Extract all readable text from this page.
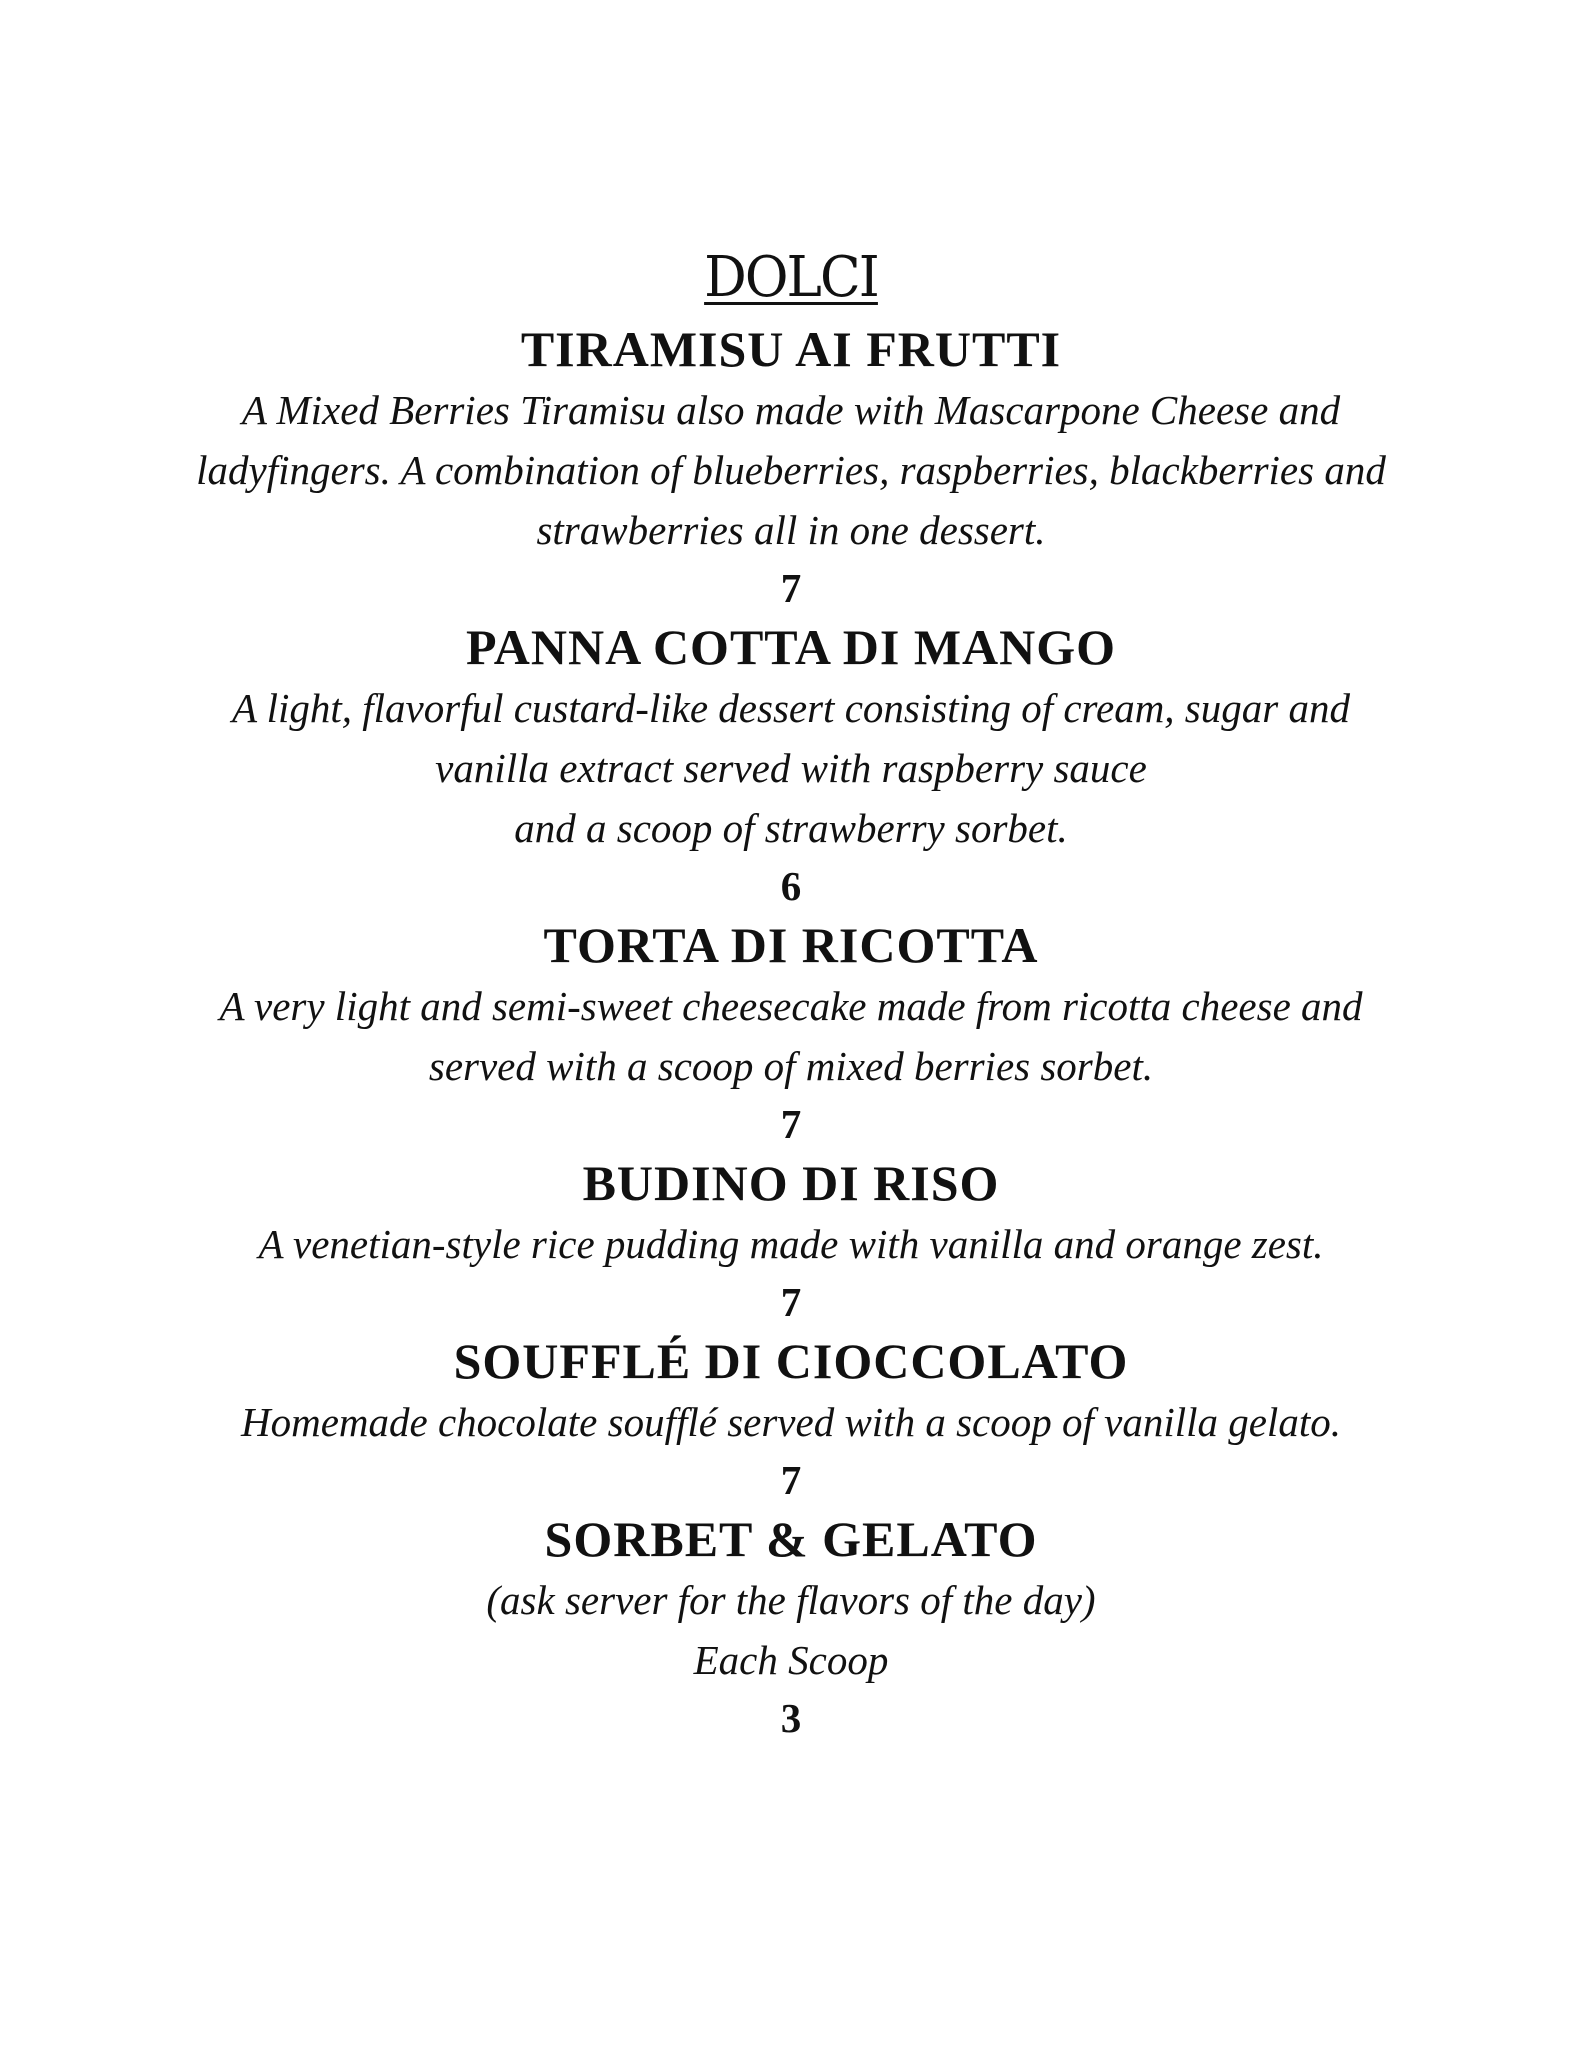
DOLCI
TIRAMISU AI FRUTTI

A Mixed Berries Tiramisu also made with Mascarpone Cheese and
ladyfingers. A combination of blueberries, raspberries, blackberries and
strawberries all in one dessert.

7

PANNA COTTA DI MANGO

A light, flavorful custard-like dessert consisting of cream, sugar and
vanilla extract served with raspberry sauce
and a scoop of strawberry sorbet.

6

TORTA DI RICOTTA

A very light and semi-sweet cheesecake made from ricotta cheese and
served with a scoop of mixed berries sorbet.

7

BUDINO DI RISO

A venetian-style rice pudding made with vanilla and orange zest.

7

SOUFFLÉ DI CIOCCOLATO

Homemade chocolate soufflé served with a scoop of vanilla gelato.

7

SORBET & GELATO

(ask server for the flavors of the day)
Each Scoop

3
